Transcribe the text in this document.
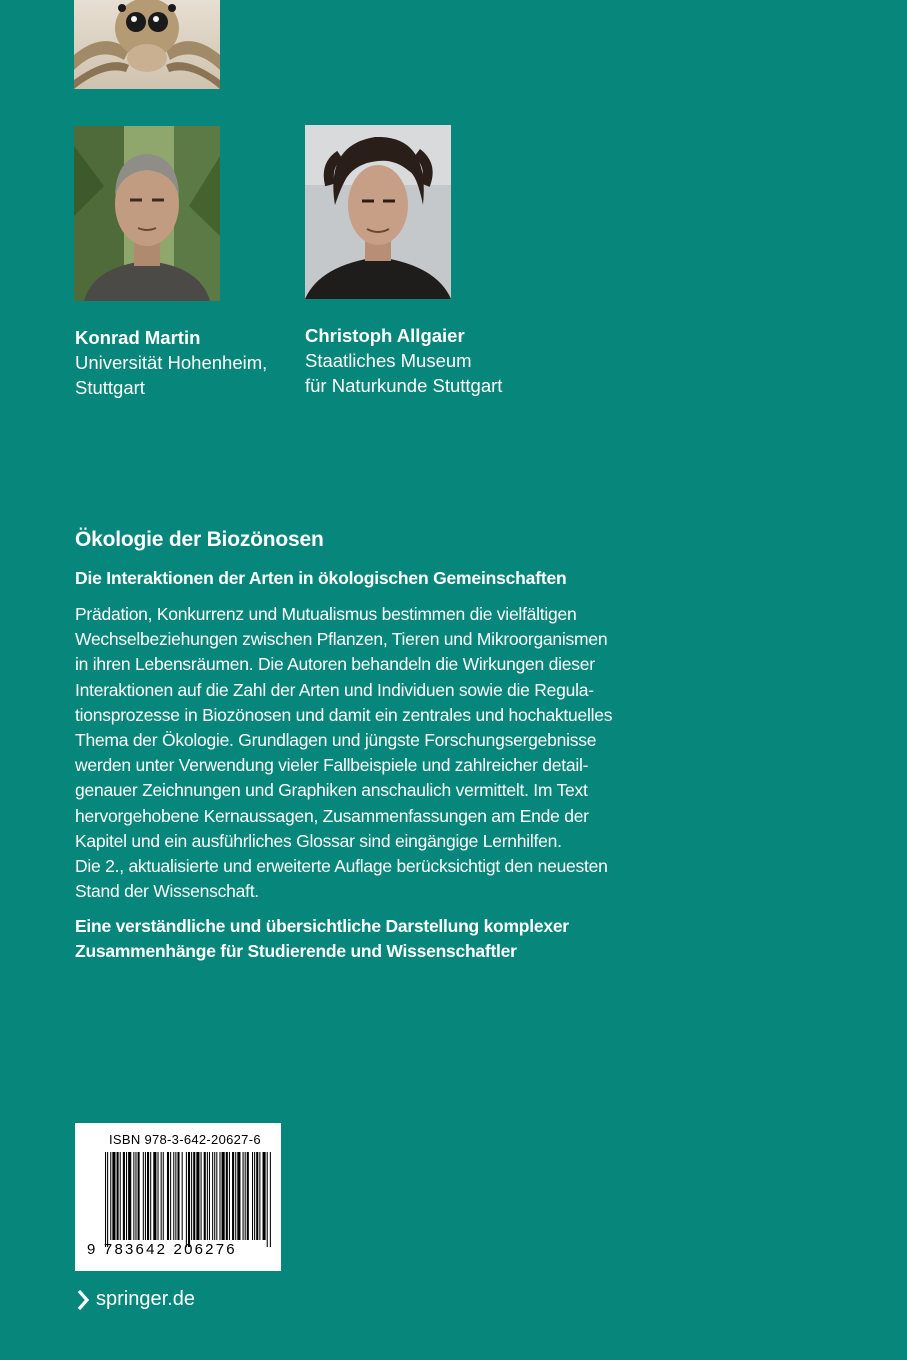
Konrad Martin
Universität Hohenheim,
Stuttgart
Christoph Allgaier
Staatliches Museum
für Naturkunde Stuttgart
Ökologie der Biozönosen
Die Interaktionen der Arten in ökologischen Gemeinschaften
Prädation, Konkurrenz und Mutualismus bestimmen die vielfältigen
Wechselbeziehungen zwischen Pflanzen, Tieren und Mikroorganismen
in ihren Lebensräumen. Die Autoren behandeln die Wirkungen dieser
Interaktionen auf die Zahl der Arten und Individuen sowie die Regula-
tionsprozesse in Biozönosen und damit ein zentrales und hochaktuelles
Thema der Ökologie. Grundlagen und jüngste Forschungsergebnisse
werden unter Verwendung vieler Fallbeispiele und zahlreicher detail-
genauer Zeichnungen und Graphiken anschaulich vermittelt. Im Text
hervorgehobene Kernaussagen, Zusammenfassungen am Ende der
Kapitel und ein ausführliches Glossar sind eingängige Lernhilfen.
Die 2., aktualisierte und erweiterte Auflage berücksichtigt den neuesten
Stand der Wissenschaft.
Eine verständliche und übersichtliche Darstellung komplexer
Zusammenhänge für Studierende und Wissenschaftler
ISBN 978-3-642-20627-6
9 783642 206276
springer.de
